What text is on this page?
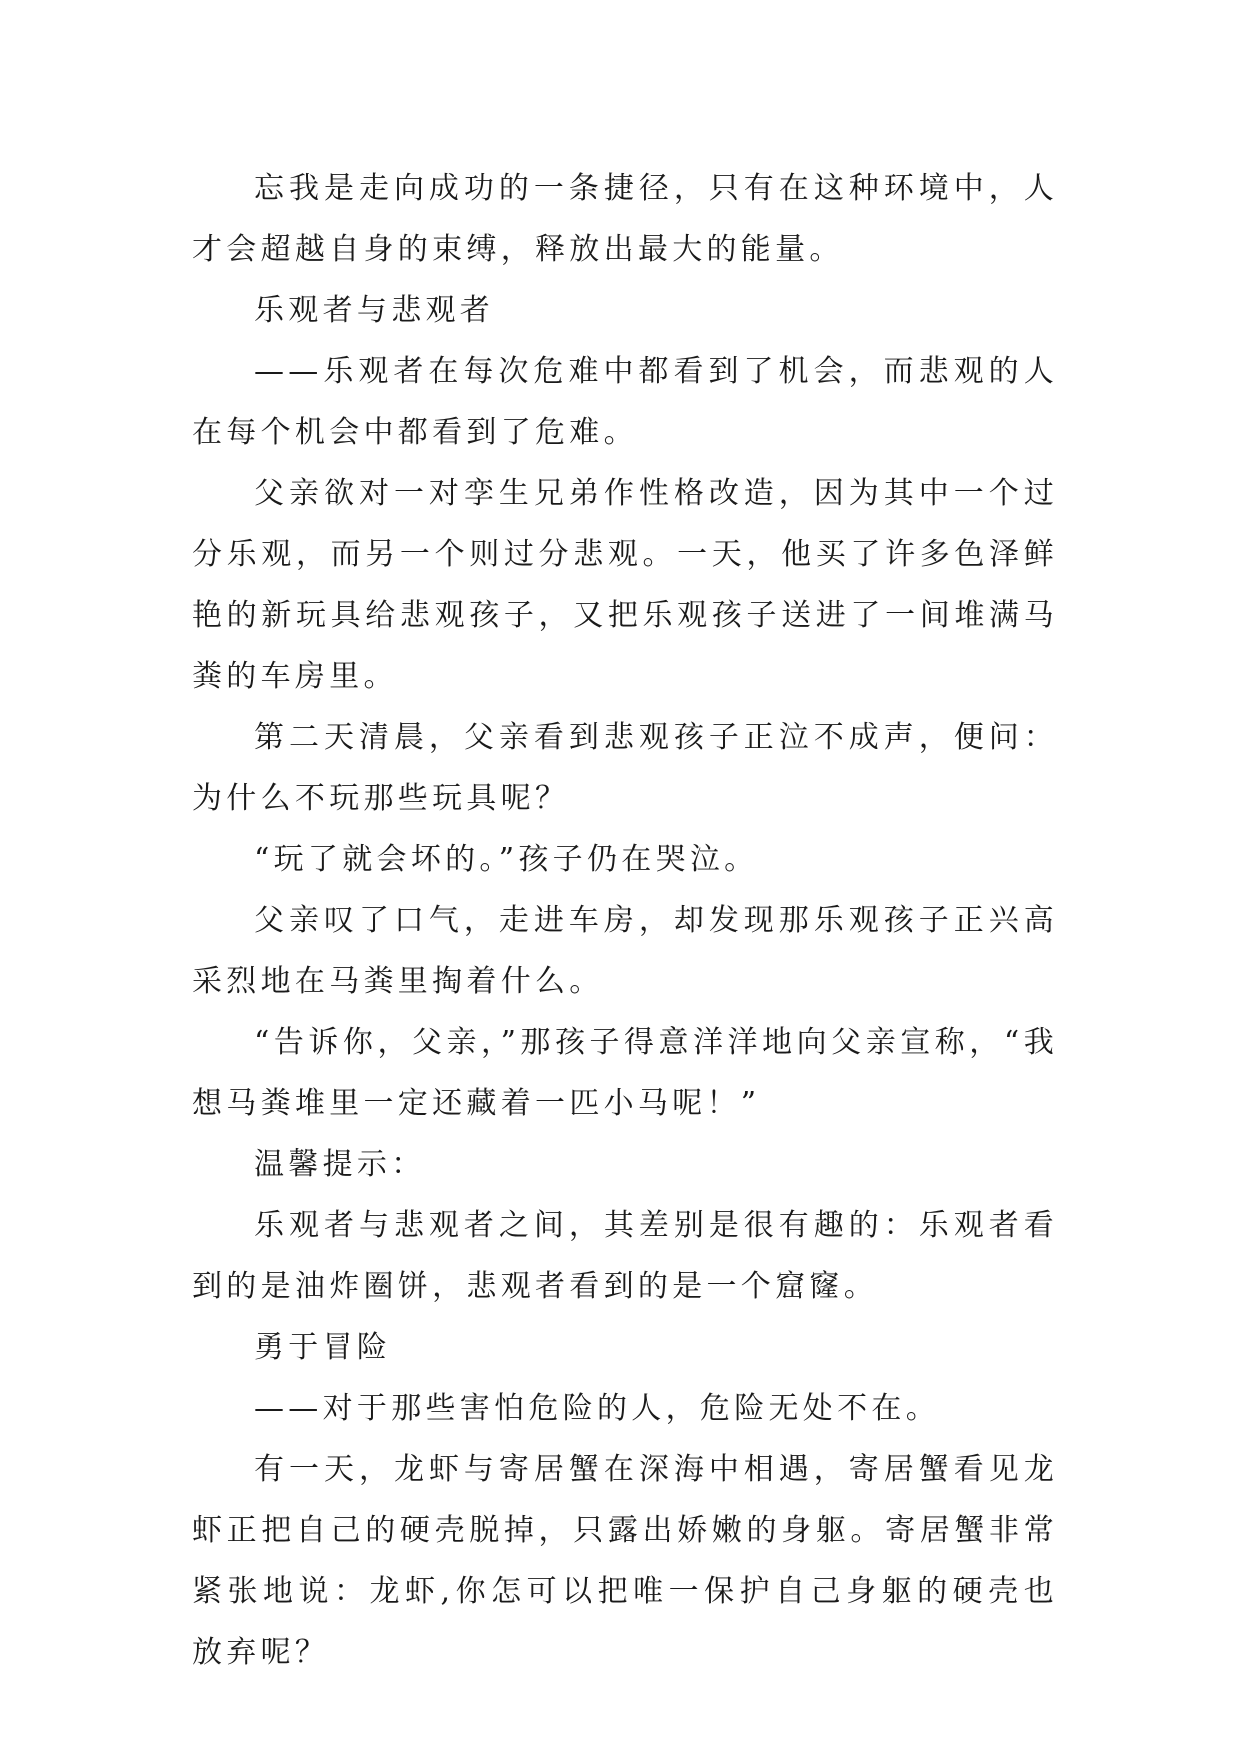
忘我是走向成功的一条捷径，只有在这种环境中，人才会超越自身的束缚，释放出最大的能量。

乐观者与悲观者

——乐观者在每次危难中都看到了机会，而悲观的人在每个机会中都看到了危难。

父亲欲对一对孪生兄弟作性格改造，因为其中一个过分乐观，而另一个则过分悲观。一天，他买了许多色泽鲜艳的新玩具给悲观孩子，又把乐观孩子送进了一间堆满马粪的车房里。

第二天清晨，父亲看到悲观孩子正泣不成声，便问：为什么不玩那些玩具呢？

“玩了就会坏的。”孩子仍在哭泣。

父亲叹了口气，走进车房，却发现那乐观孩子正兴高采烈地在马粪里掏着什么。

“告诉你，父亲，”那孩子得意洋洋地向父亲宣称，“我想马粪堆里一定还藏着一匹小马呢！”

温馨提示：

乐观者与悲观者之间，其差别是很有趣的：乐观者看到的是油炸圈饼，悲观者看到的是一个窟窿。

勇于冒险

——对于那些害怕危险的人，危险无处不在。

有一天，龙虾与寄居蟹在深海中相遇，寄居蟹看见龙虾正把自己的硬壳脱掉，只露出娇嫩的身躯。寄居蟹非常紧张地说：龙虾,你怎可以把唯一保护自己身躯的硬壳也放弃呢？
